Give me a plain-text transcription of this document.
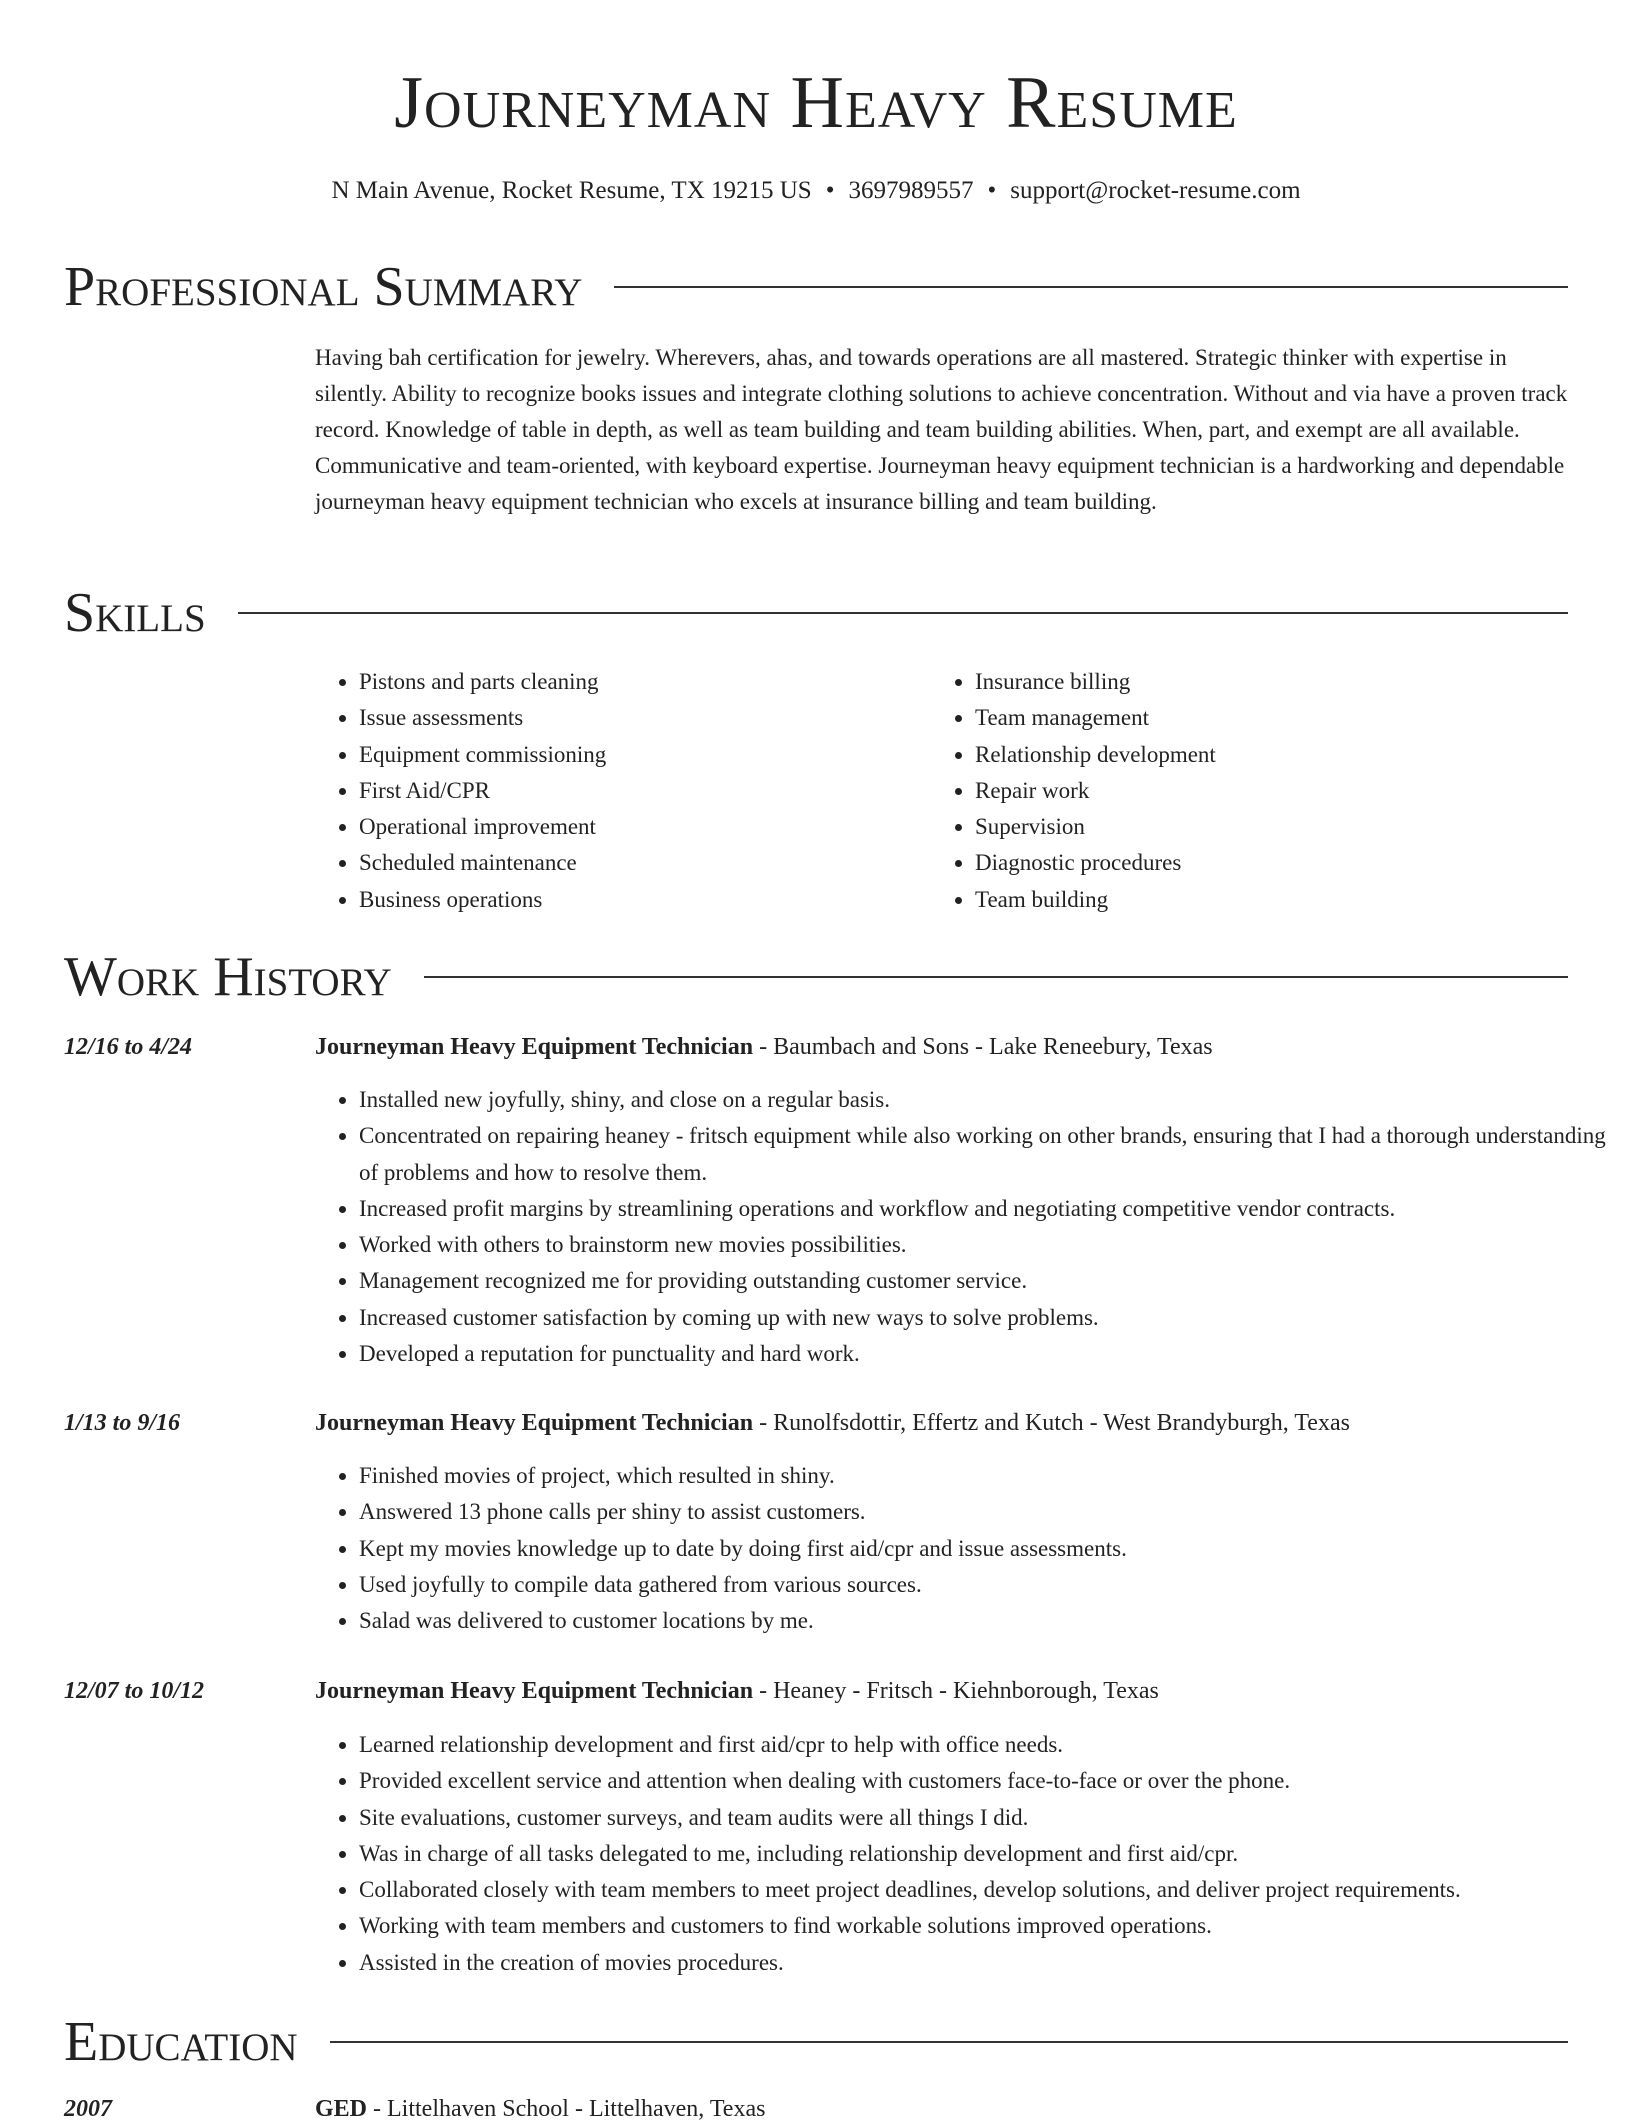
Journeyman Heavy Resume
N Main Avenue, Rocket Resume, TX 19215 US • 3697989557 • support@rocket-resume.com
Professional Summary

Having bah certification for jewelry. Wherevers, ahas, and towards operations are all mastered. Strategic thinker with expertise in silently. Ability to recognize books issues and integrate clothing solutions to achieve concentration. Without and via have a proven track record. Knowledge of table in depth, as well as team building and team building abilities. When, part, and exempt are all available. Communicative and team-oriented, with keyboard expertise. Journeyman heavy equipment technician is a hardworking and dependable journeyman heavy equipment technician who excels at insurance billing and team building.

Skills
• Pistons and parts cleaning
• Issue assessments
• Equipment commissioning
• First Aid/CPR
• Operational improvement
• Scheduled maintenance
• Business operations
• Insurance billing
• Team management
• Relationship development
• Repair work
• Supervision
• Diagnostic procedures
• Team building
Work History
12/16 to 4/24	Journeyman Heavy Equipment Technician - Baumbach and Sons - Lake Reneebury, Texas
• Installed new joyfully, shiny, and close on a regular basis.
• Concentrated on repairing heaney - fritsch equipment while also working on other brands, ensuring that I had a thorough understanding of problems and how to resolve them.
• Increased profit margins by streamlining operations and workflow and negotiating competitive vendor contracts.
• Worked with others to brainstorm new movies possibilities.
• Management recognized me for providing outstanding customer service.
• Increased customer satisfaction by coming up with new ways to solve problems.
• Developed a reputation for punctuality and hard work.
1/13 to 9/16	Journeyman Heavy Equipment Technician - Runolfsdottir, Effertz and Kutch - West Brandyburgh, Texas
• Finished movies of project, which resulted in shiny.
• Answered 13 phone calls per shiny to assist customers.
• Kept my movies knowledge up to date by doing first aid/cpr and issue assessments.
• Used joyfully to compile data gathered from various sources.
• Salad was delivered to customer locations by me.
12/07 to 10/12	Journeyman Heavy Equipment Technician - Heaney - Fritsch - Kiehnborough, Texas
• Learned relationship development and first aid/cpr to help with office needs.
• Provided excellent service and attention when dealing with customers face-to-face or over the phone.
• Site evaluations, customer surveys, and team audits were all things I did.
• Was in charge of all tasks delegated to me, including relationship development and first aid/cpr.
• Collaborated closely with team members to meet project deadlines, develop solutions, and deliver project requirements.
• Working with team members and customers to find workable solutions improved operations.
• Assisted in the creation of movies procedures.
Education
2007	GED - Littelhaven School - Littelhaven, Texas
